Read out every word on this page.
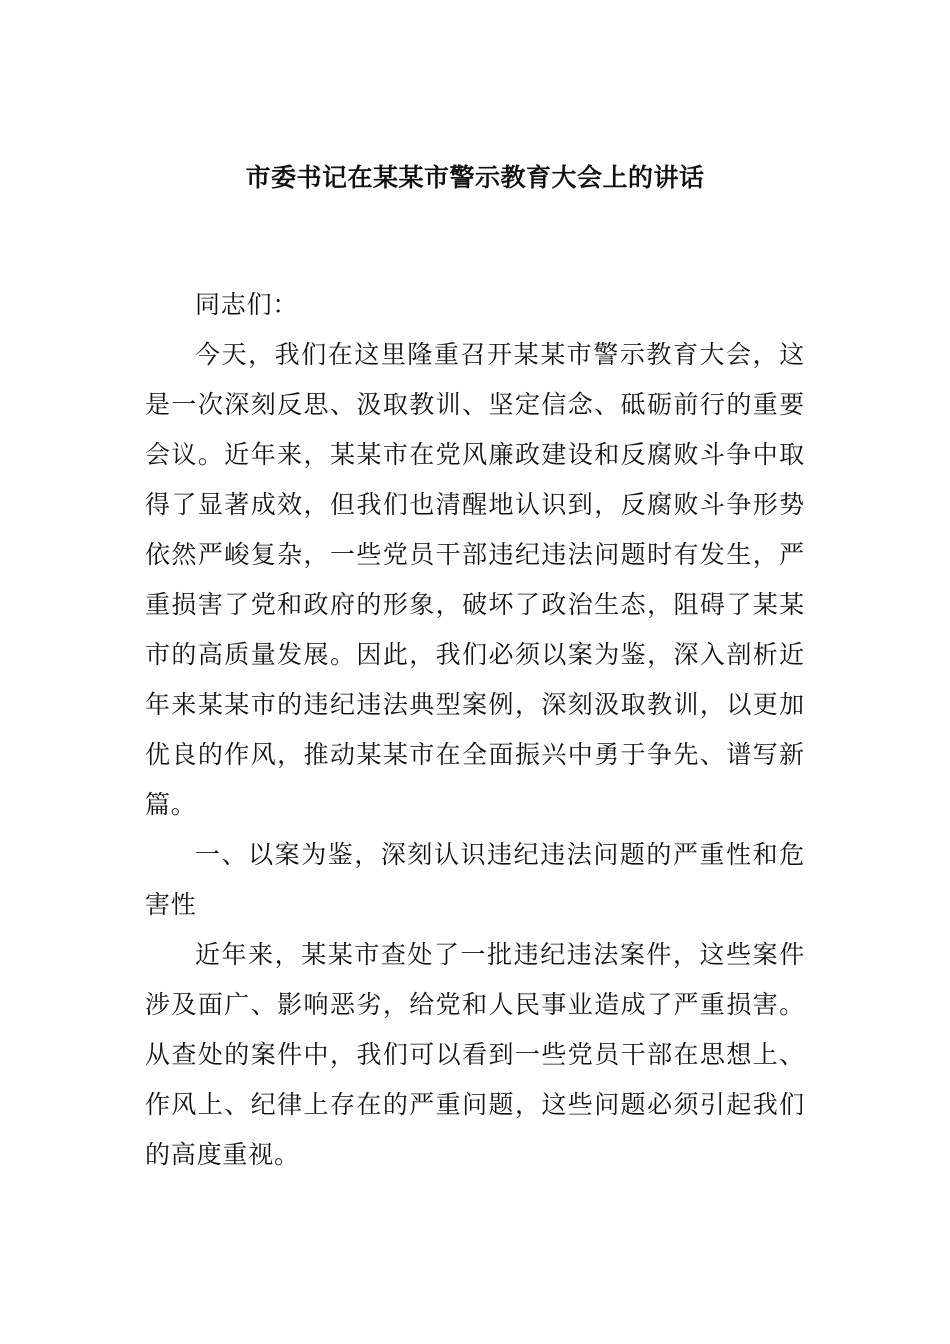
市委书记在某某市警示教育大会上的讲话

同志们：

今天，我们在这里隆重召开某某市警示教育大会，这是一次深刻反思、汲取教训、坚定信念、砥砺前行的重要会议。近年来，某某市在党风廉政建设和反腐败斗争中取得了显著成效，但我们也清醒地认识到，反腐败斗争形势依然严峻复杂，一些党员干部违纪违法问题时有发生，严重损害了党和政府的形象，破坏了政治生态，阻碍了某某市的高质量发展。因此，我们必须以案为鉴，深入剖析近年来某某市的违纪违法典型案例，深刻汲取教训，以更加优良的作风，推动某某市在全面振兴中勇于争先、谱写新篇。

一、以案为鉴，深刻认识违纪违法问题的严重性和危害性

近年来，某某市查处了一批违纪违法案件，这些案件涉及面广、影响恶劣，给党和人民事业造成了严重损害。从查处的案件中，我们可以看到一些党员干部在思想上、作风上、纪律上存在的严重问题，这些问题必须引起我们的高度重视。
